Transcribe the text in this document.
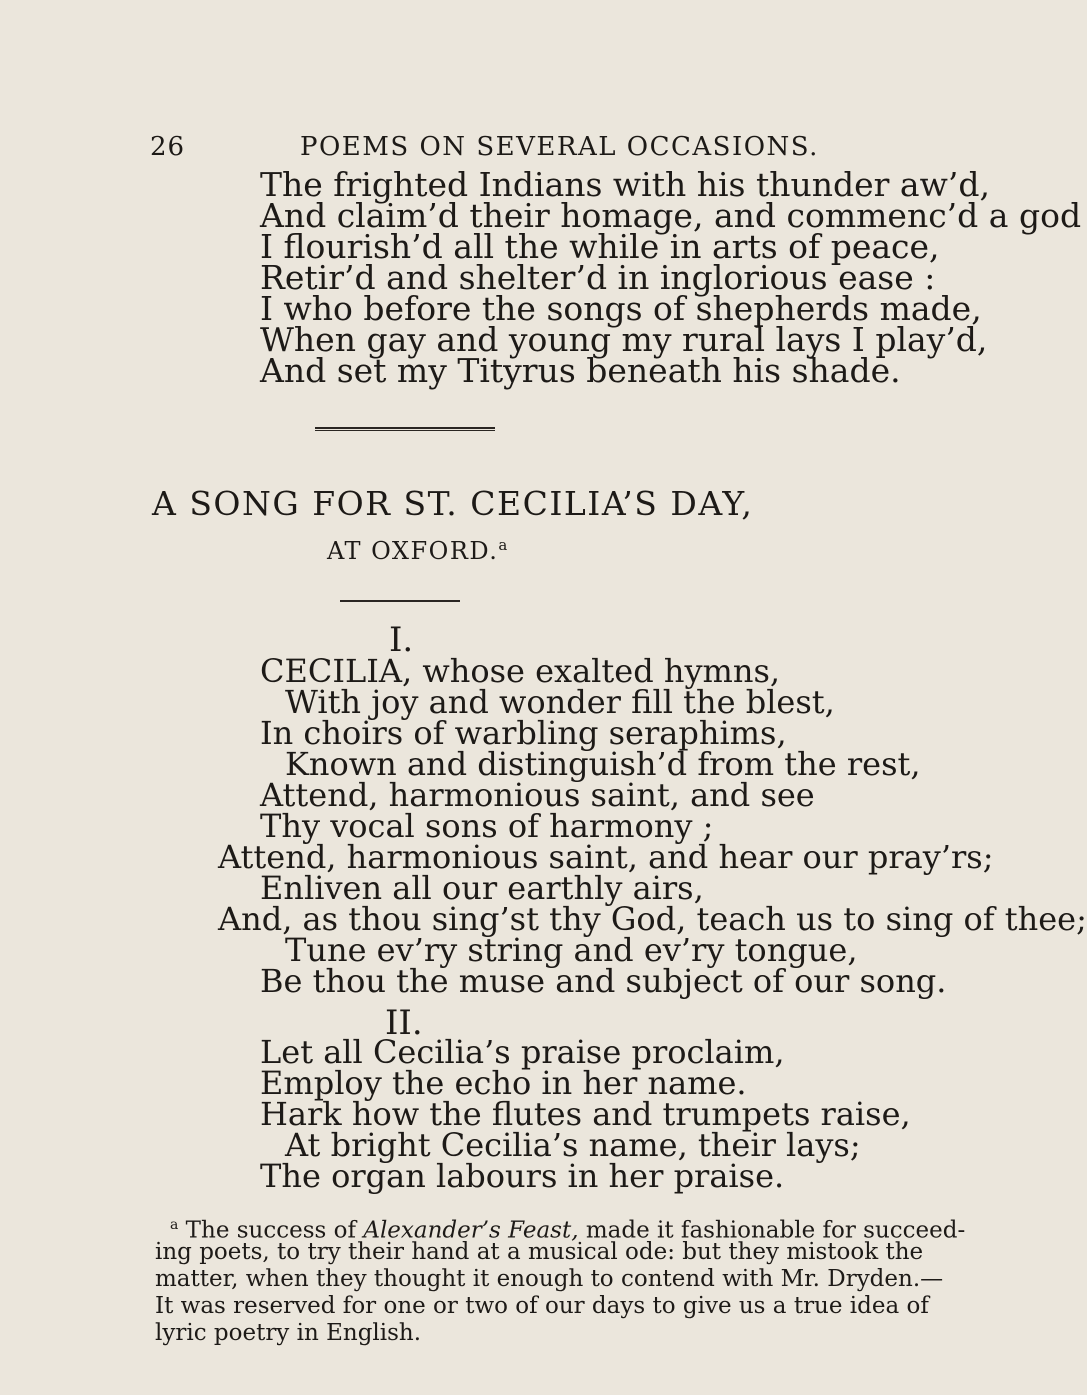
26	POEMS ON SEVERAL OCCASIONS.
The frighted Indians with his thunder aw’d,
And claim’d their homage, and commenc’d a god
I flourish’d all the while in arts of peace,
Retir’d and shelter’d in inglorious ease :
I who before the songs of shepherds made,
When gay and young my rural lays I play’d,
And set my Tityrus beneath his shade.
A SONG FOR ST. CECILIA’S DAY,
AT OXFORD.$^a$
I.
CECILIA, whose exalted hymns,
With joy and wonder fill the blest,
In choirs of warbling seraphims,
Known and distinguish’d from the rest,
Attend, harmonious saint, and see
Thy vocal sons of harmony ;
Attend, harmonious saint, and hear our pray’rs;
Enliven all our earthly airs,
And, as thou sing’st thy God, teach us to sing of thee;
Tune ev’ry string and ev’ry tongue,
Be thou the muse and subject of our song.
II.
Let all Cecilia’s praise proclaim,
Employ the echo in her name.
Hark how the flutes and trumpets raise,
At bright Cecilia’s name, their lays;
The organ labours in her praise.
$^a$ The success of Alexander’s Feast, made it fashionable for succeed-
ing poets, to try their hand at a musical ode: but they mistook the
matter, when they thought it enough to contend with Mr. Dryden.—
It was reserved for one or two of our days to give us a true idea of
lyric poetry in English.
